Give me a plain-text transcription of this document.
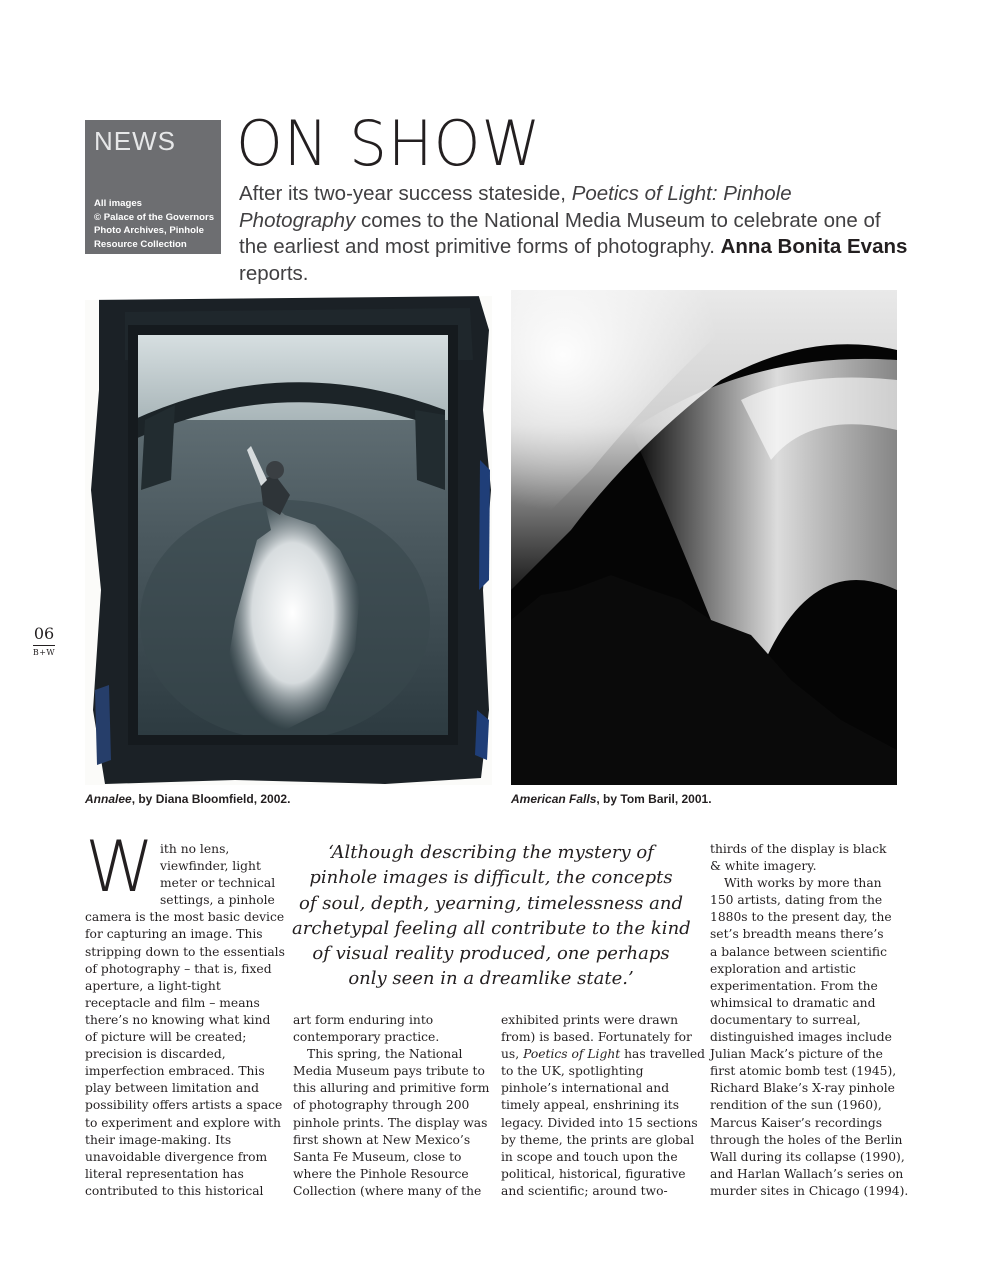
NEWS
All images
© Palace of the Governors
Photo Archives, Pinhole
Resource Collection
ON SHOW
After its two-year success stateside, Poetics of Light: Pinhole Photography comes to the National Media Museum to celebrate one of the earliest and most primitive forms of photography. Anna Bonita Evans reports.
Annalee, by Diana Bloomfield, 2002.	American Falls, by Tom Baril, 2001.
06
B+W
W ith no lens,

viewfinder, light

meter or technical

settings, a pinhole

camera is the most basic device

for capturing an image. This

stripping down to the essentials

of photography – that is, fixed

aperture, a light-tight

receptacle and film – means

there’s no knowing what kind

of picture will be created;

precision is discarded,

imperfection embraced. This

play between limitation and

possibility offers artists a space

to experiment and explore with

their image-making. Its

unavoidable divergence from

literal representation has

contributed to this historical

‘Although describing the mystery of

pinhole images is difficult, the concepts

of soul, depth, yearning, timelessness and

archetypal feeling all contribute to the kind

of visual reality produced, one perhaps

only seen in a dreamlike state.’

art form enduring into

contemporary practice.

This spring, the National

Media Museum pays tribute to

this alluring and primitive form

of photography through 200

pinhole prints. The display was

first shown at New Mexico’s

Santa Fe Museum, close to

where the Pinhole Resource

Collection (where many of the

exhibited prints were drawn

from) is based. Fortunately for

us, Poetics of Light has travelled

to the UK, spotlighting

pinhole’s international and

timely appeal, enshrining its

legacy. Divided into 15 sections

by theme, the prints are global

in scope and touch upon the

political, historical, figurative

and scientific; around two-

thirds of the display is black

& white imagery.

With works by more than

150 artists, dating from the

1880s to the present day, the

set’s breadth means there’s

a balance between scientific

exploration and artistic

experimentation. From the

whimsical to dramatic and

documentary to surreal,

distinguished images include

Julian Mack’s picture of the

first atomic bomb test (1945),

Richard Blake’s X-ray pinhole

rendition of the sun (1960),

Marcus Kaiser’s recordings

through the holes of the Berlin

Wall during its collapse (1990),

and Harlan Wallach’s series on

murder sites in Chicago (1994).
